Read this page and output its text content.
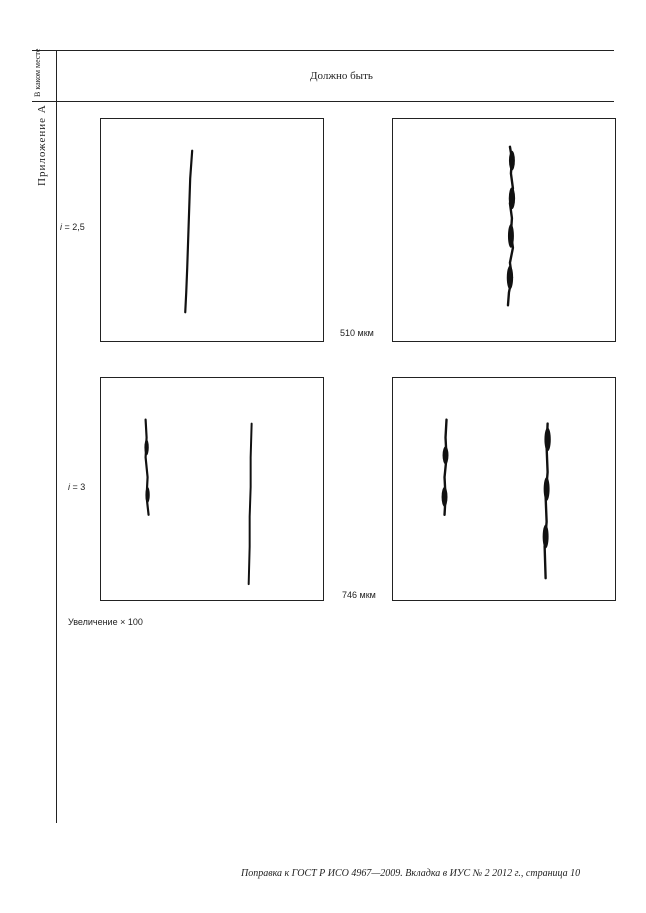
В каком месте	Должно быть
Приложение А
i = 2,5
510 мкм
i = 3
746 мкм
Увеличение × 100
Поправка к ГОСТ Р ИСО 4967—2009. Вкладка в ИУС № 2 2012 г., страница 10
